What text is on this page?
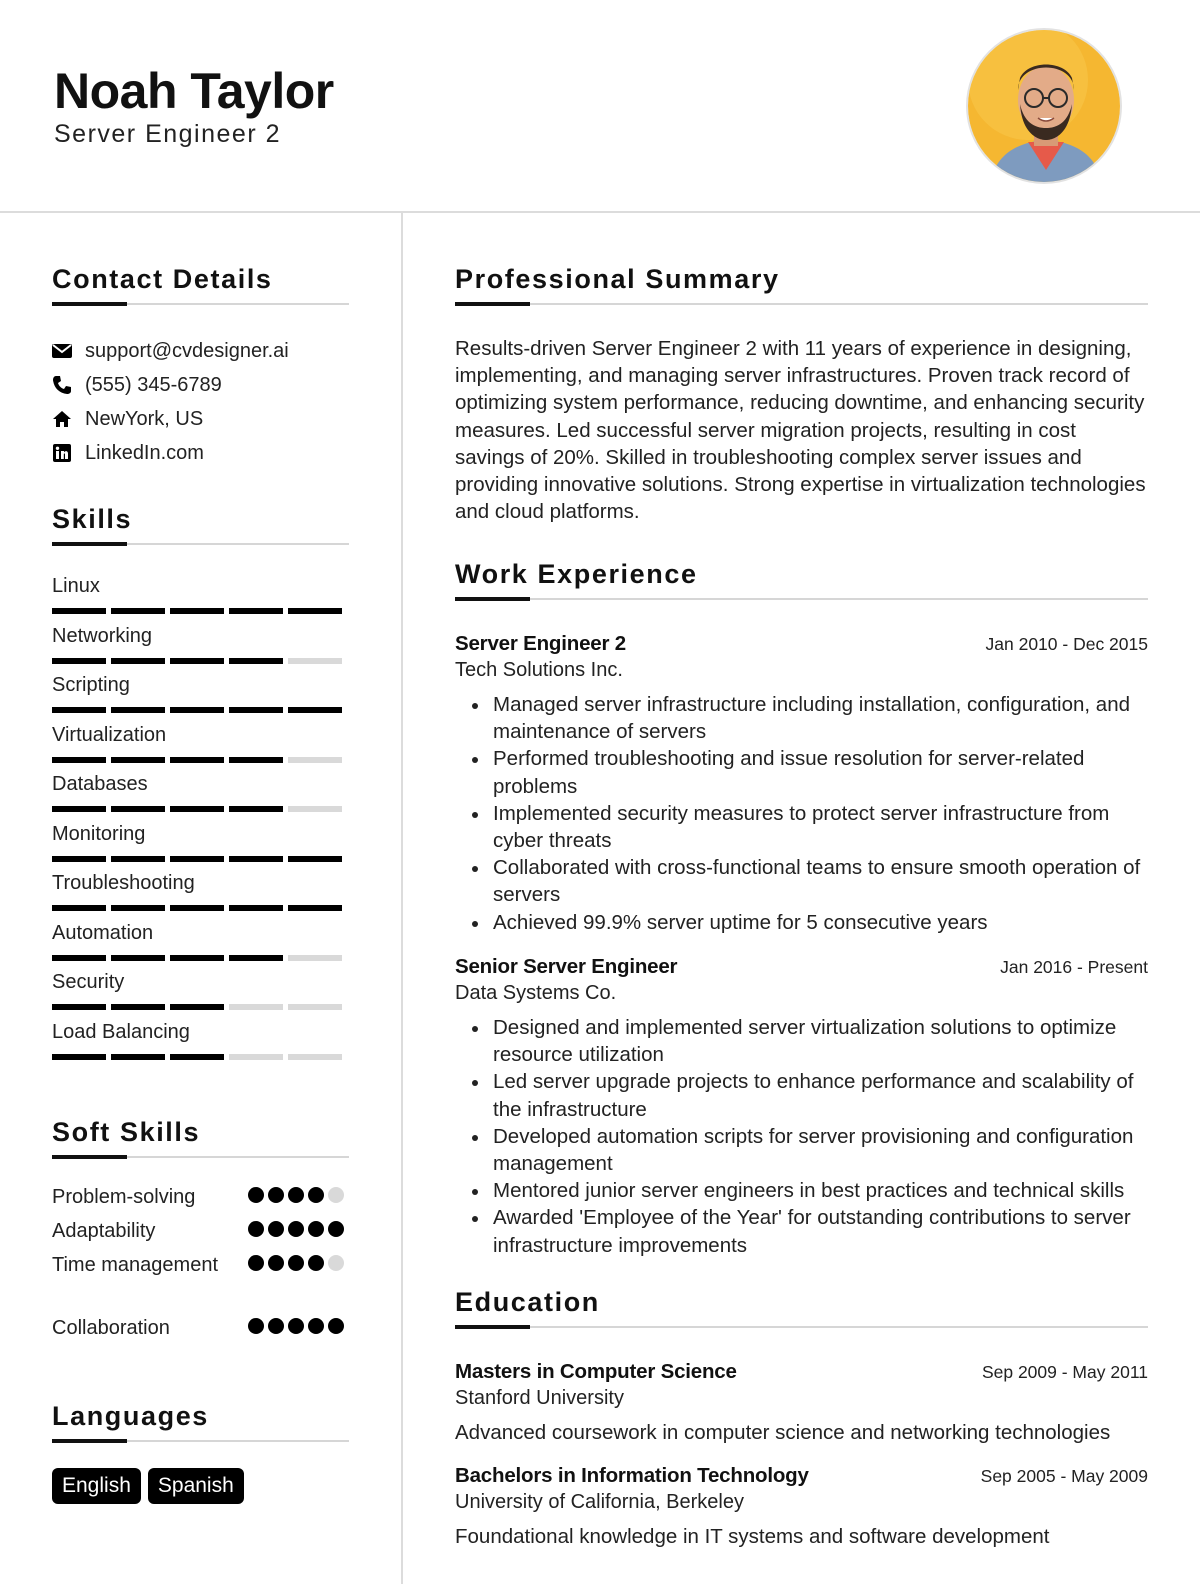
Noah Taylor
Server Engineer 2
Contact Details
support@cvdesigner.ai
(555) 345-6789
NewYork, US
LinkedIn.com
Skills
Linux
Networking
Scripting
Virtualization
Databases
Monitoring
Troubleshooting
Automation
Security
Load Balancing
Soft Skills
Problem-solving
Adaptability
Time management
Collaboration
Languages
English	Spanish
Professional Summary
Results-driven Server Engineer 2 with 11 years of experience in designing, implementing, and managing server infrastructures. Proven track record of optimizing system performance, reducing downtime, and enhancing security measures. Led successful server migration projects, resulting in cost savings of 20%. Skilled in troubleshooting complex server issues and providing innovative solutions. Strong expertise in virtualization technologies and cloud platforms.
Work Experience
Server Engineer 2	Jan 2010 - Dec 2015
Tech Solutions Inc.
Managed server infrastructure including installation, configuration, and maintenance of servers
Performed troubleshooting and issue resolution for server-related problems
Implemented security measures to protect server infrastructure from cyber threats
Collaborated with cross-functional teams to ensure smooth operation of servers
Achieved 99.9% server uptime for 5 consecutive years
Senior Server Engineer	Jan 2016 - Present
Data Systems Co.
Designed and implemented server virtualization solutions to optimize resource utilization
Led server upgrade projects to enhance performance and scalability of the infrastructure
Developed automation scripts for server provisioning and configuration management
Mentored junior server engineers in best practices and technical skills
Awarded 'Employee of the Year' for outstanding contributions to server infrastructure improvements
Education
Masters in Computer Science	Sep 2009 - May 2011
Stanford University
Advanced coursework in computer science and networking technologies
Bachelors in Information Technology	Sep 2005 - May 2009
University of California, Berkeley
Foundational knowledge in IT systems and software development
